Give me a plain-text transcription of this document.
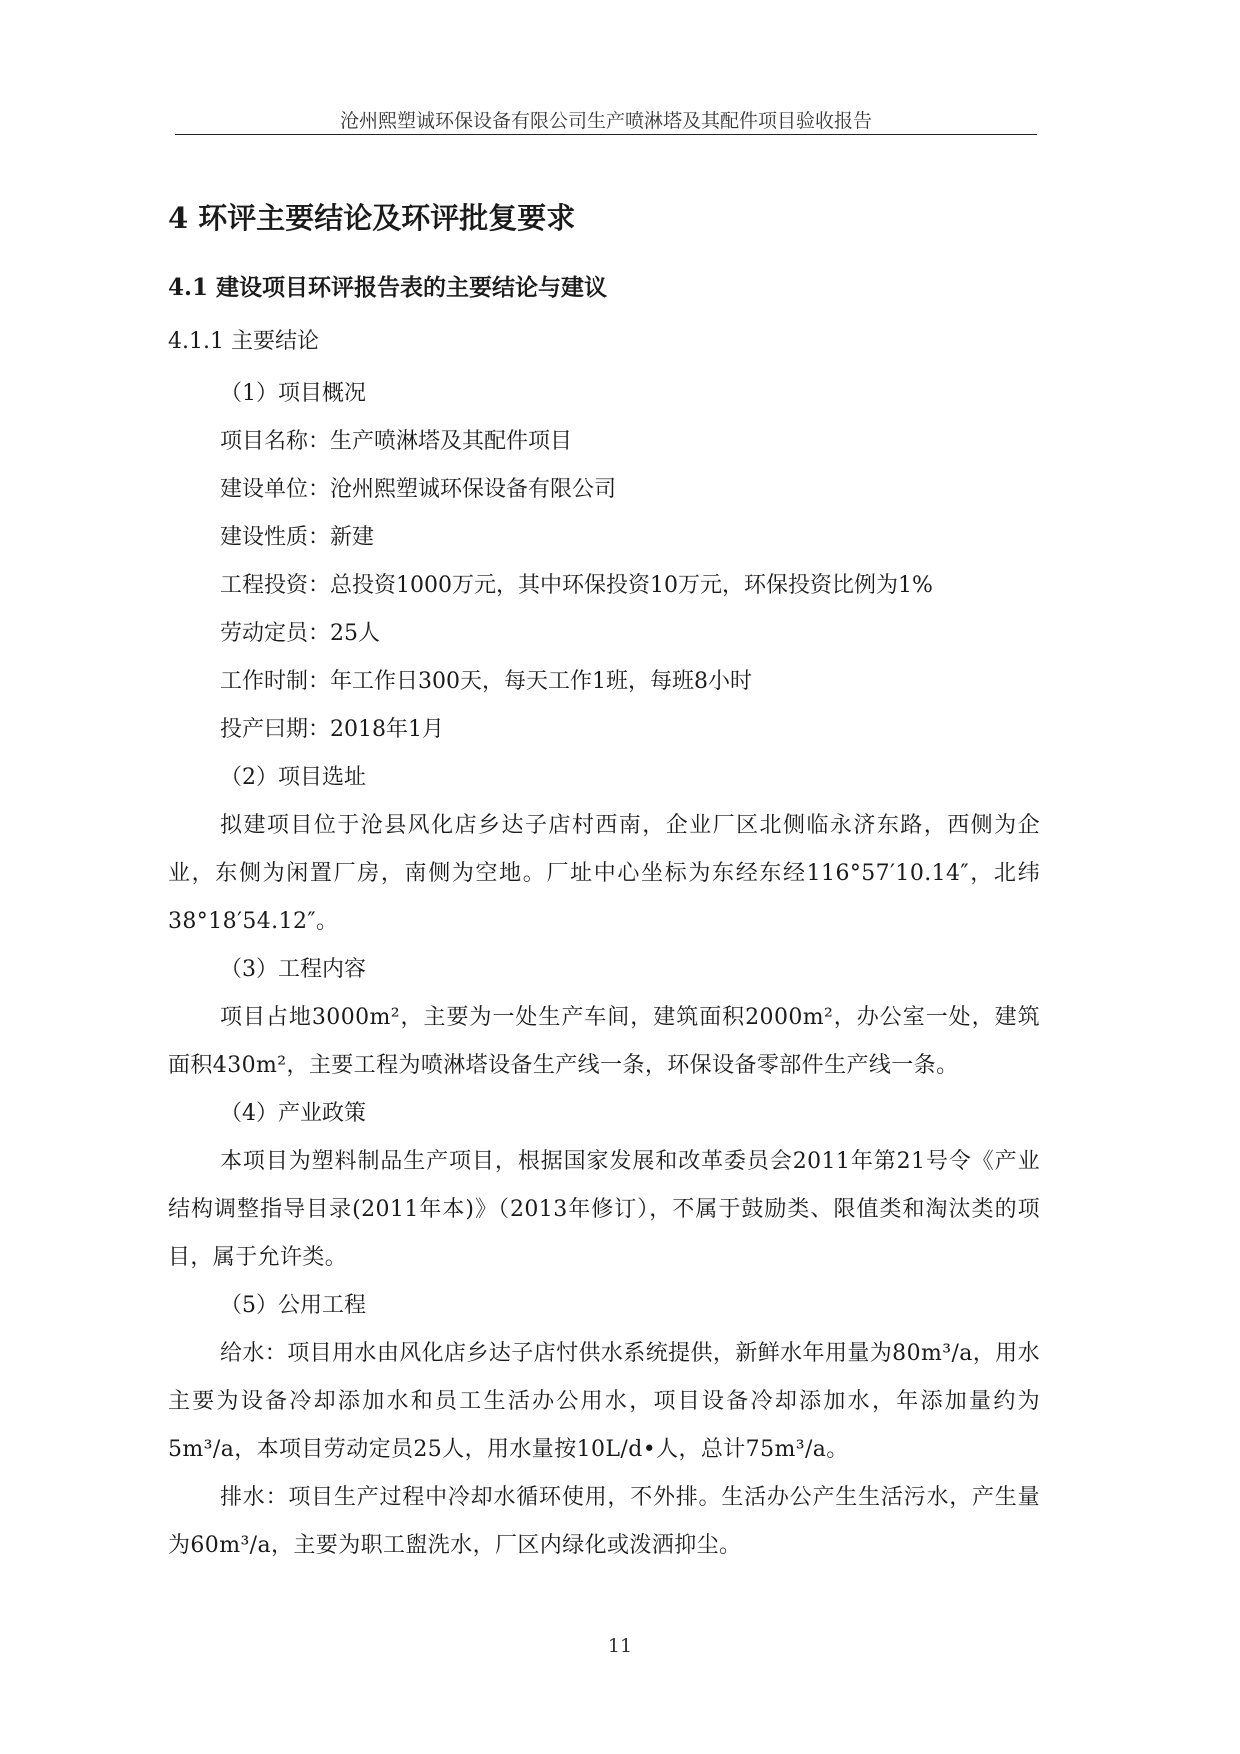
沧州熙塑诚环保设备有限公司生产喷淋塔及其配件项目验收报告
4 环评主要结论及环评批复要求
4.1 建设项目环评报告表的主要结论与建议
4.1.1 主要结论

（1）项目概况

项目名称：生产喷淋塔及其配件项目

建设单位：沧州熙塑诚环保设备有限公司

建设性质：新建

工程投资：总投资1000万元，其中环保投资10万元，环保投资比例为1%

劳动定员：25人

工作时制：年工作日300天，每天工作1班，每班8小时

投产曰期：2018年1月

（2）项目选址

拟建项目位于沧县风化店乡达子店村西南，企业厂区北侧临永济东路，西侧为企业，东侧为闲置厂房，南侧为空地。厂址中心坐标为东经东经116°57′10.14″，北纬38°18′54.12″。

（3）工程内容

项目占地3000m²，主要为一处生产车间，建筑面积2000m²，办公室一处，建筑面积430m²，主要工程为喷淋塔设备生产线一条，环保设备零部件生产线一条。

（4）产业政策

本项目为塑料制品生产项目，根据国家发展和改革委员会2011年第21号令《产业结构调整指导目录(2011年本)》（2013年修订），不属于鼓励类、限值类和淘汰类的项目，属于允许类。

（5）公用工程

给水：项目用水由风化店乡达子店忖供水系统提供，新鲜水年用量为80m³/a，用水主要为设备冷却添加水和员工生活办公用水，项目设备冷却添加水，年添加量约为5m³/a，本项目劳动定员25人，用水量按10L/d•人，总计75m³/a。

排水：项目生产过程中冷却水循环使用，不外排。生活办公产生生活污水，产生量为60m³/a，主要为职工盥洗水，厂区内绿化或泼洒抑尘。

11
